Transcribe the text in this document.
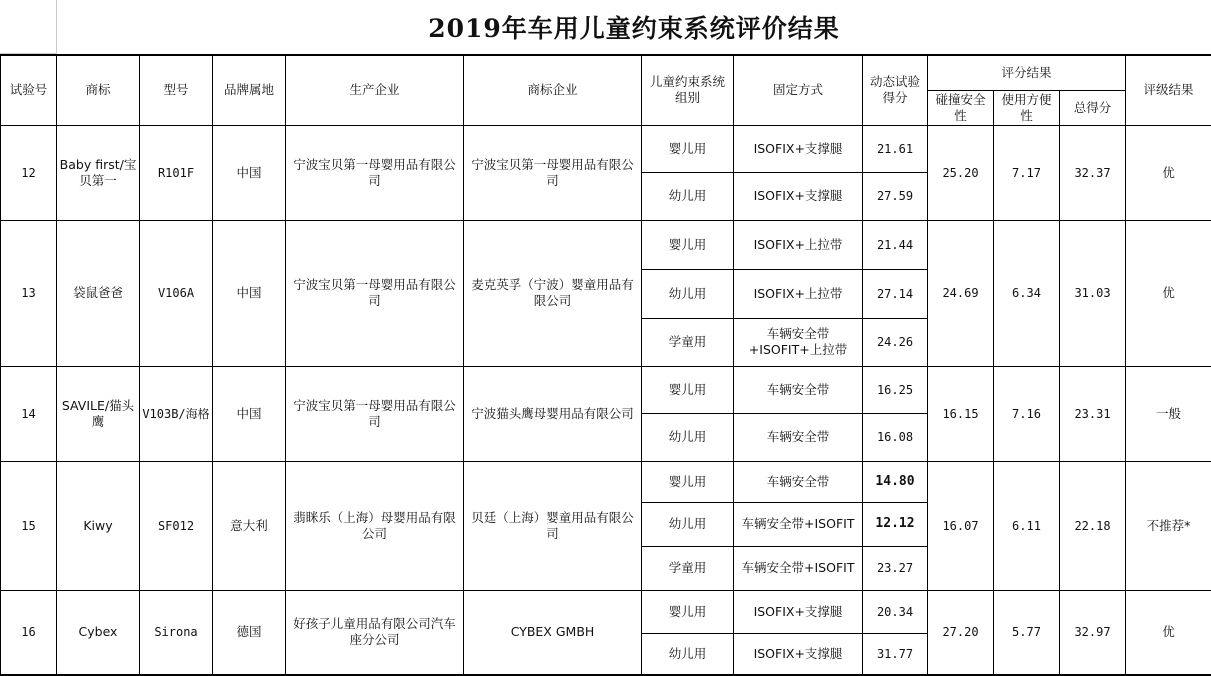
2019年车用儿童约束系统评价结果
试验号	商标	型号	品牌属地	生产企业	商标企业	儿童约束系统组别	固定方式	动态试验得分	评分结果			评级结果
									碰撞安全性	使用方便性	总得分	
12	Baby first/宝贝第一	R101F	中国	宁波宝贝第一母婴用品有限公司	宁波宝贝第一母婴用品有限公司	婴儿用	ISOFIX+支撑腿	21.61	25.20	7.17	32.37	优
						幼儿用	ISOFIX+支撑腿	27.59				
13	袋鼠爸爸	V106A	中国	宁波宝贝第一母婴用品有限公司	麦克英孚（宁波）婴童用品有限公司	婴儿用	ISOFIX+上拉带	21.44	24.69	6.34	31.03	优
						幼儿用	ISOFIX+上拉带	27.14				
						学童用	车辆安全带+ISOFIT+上拉带	24.26				
14	SAVILE/猫头鹰	V103B/海格	中国	宁波宝贝第一母婴用品有限公司	宁波猫头鹰母婴用品有限公司	婴儿用	车辆安全带	16.25	16.15	7.16	23.31	一般
						幼儿用	车辆安全带	16.08				
15	Kiwy	SF012	意大利	翡眯乐（上海）母婴用品有限公司	贝廷（上海）婴童用品有限公司	婴儿用	车辆安全带	14.80	16.07	6.11	22.18	不推荐*
						幼儿用	车辆安全带+ISOFIT	12.12				
						学童用	车辆安全带+ISOFIT	23.27				
16	Cybex	Sirona	德国	好孩子儿童用品有限公司汽车座分公司	CYBEX GMBH	婴儿用	ISOFIX+支撑腿	20.34	27.20	5.77	32.97	优
						幼儿用	ISOFIX+支撑腿	31.77				
